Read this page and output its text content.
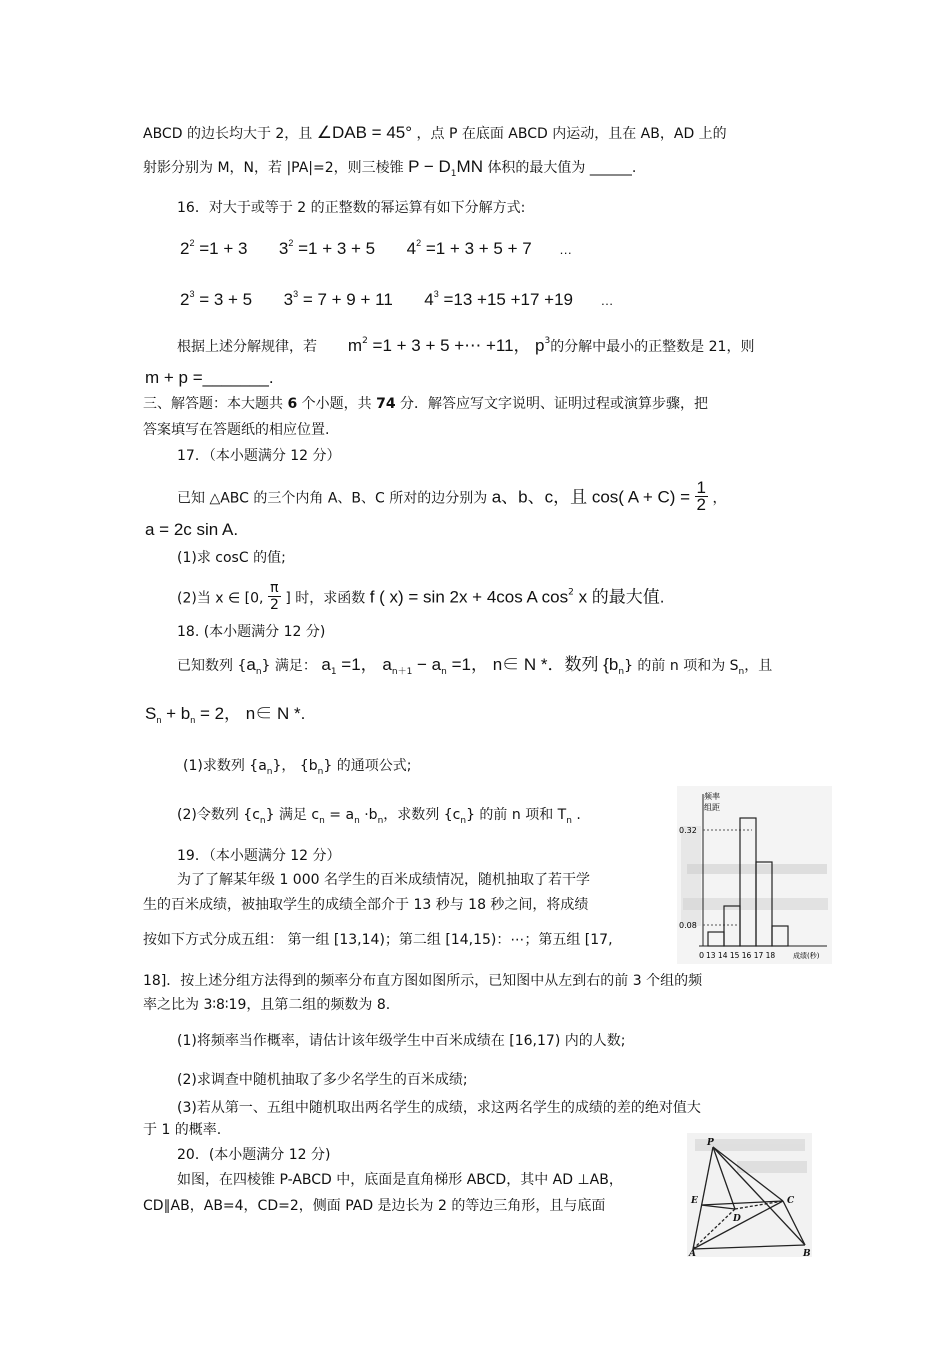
ABCD 的边长均大于 2，且 ∠DAB = 45° ，点 P 在底面 ABCD 内运动，且在 AB，AD 上的
射影分别为 M，N，若 |PA|=2，则三棱锥 $P - D_1MN$ 体积的最大值为 ______.
16．对大于或等于 2 的正整数的幂运算有如下分解方式:
$2^2 =1 + 3$ $3^2 =1 + 3 + 5$ $4^2 =1 + 3 + 5 + 7$ …
$2^3 = 3 + 5$ $3^3 = 7 + 9 + 11$ $4^3 =13 +15 +17 +19$ …
根据上述分解规律，若 $m^2 =1 + 3 + 5$ +⋯ +11， $p^3$的分解中最小的正整数是 21，则
m + p =_______.
三、解答题：本大题共 6 个小题，共 74 分．解答应写文字说明、证明过程或演算步骤，把
答案填写在答题纸的相应位置.
17．（本小题满分 12 分）
已知 △ABC 的三个内角 A、B、C 所对的边分别为 a、b、c，且 cos( $A + C) = \frac{1}{2}$ ，
a = 2c sin A.
(1)求 cosC 的值;
(2)当 x ∈ [0, $\frac{\pi}{2}$ ] 时，求函数 f ( x) = sin 2x + 4cos A $\cos^2 x$ 的最大值.
18. (本小题满分 12 分)
已知数列 $\{a_n\}$ 满足： $a_1 =1$， $a_{n+1} - a_n =1$， n∈ N *．数列 $\{b_n\}$ 的前 n 项和为 $S_n$，且
$S_n + b_n = 2$， n∈ N *.
(1)求数列 $\{a_n\}$， $\{b_n\}$ 的通项公式;
(2)令数列 $\{c_n\}$ 满足 $c_n = a_n \cdot b_n$，求数列 $\{c_n\}$ 的前 n 项和 $T_n$ .
19．（本小题满分 12 分）
为了了解某年级 1 000 名学生的百米成绩情况，随机抽取了若干学
生的百米成绩，被抽取学生的成绩全部介于 13 秒与 18 秒之间，将成绩
按如下方式分成五组： 第一组 [13,14)；第二组 [14,15)：⋯；第五组 [17,
18]．按上述分组方法得到的频率分布直方图如图所示，已知图中从左到右的前 3 个组的频
率之比为 3∶8∶19，且第二组的频数为 8.
(1)将频率当作概率，请估计该年级学生中百米成绩在 [16,17) 内的人数;
(2)求调查中随机抽取了多少名学生的百米成绩;
(3)若从第一、五组中随机取出两名学生的成绩，求这两名学生的成绩的差的绝对值大
于 1 的概率.
20．(本小题满分 12 分)
如图，在四棱锥 P-ABCD 中，底面是直角梯形 ABCD，其中 AD ⊥AB，
CD∥AB，AB=4，CD=2，侧面 PAD 是边长为 2 的等边三角形，且与底面
频率
组距
0.32
0.08
0 13 14 15 16 17 18	成绩(秒)
P
E
D
C
A	B
